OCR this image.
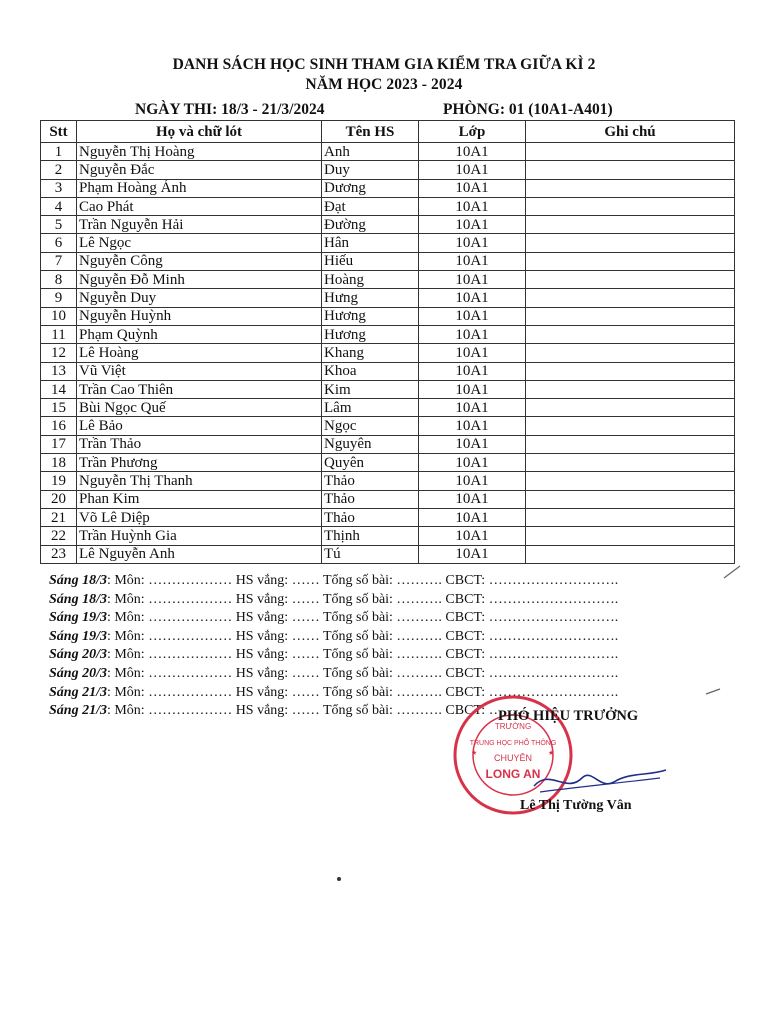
DANH SÁCH HỌC SINH THAM GIA KIỂM TRA GIỮA KÌ 2
NĂM HỌC 2023 - 2024
NGÀY THI: 18/3 - 21/3/2024	PHÒNG: 01 (10A1-A401)
Stt	Họ và chữ lót	Tên HS	Lớp	Ghi chú
1	Nguyễn Thị Hoàng	Anh	10A1	
2	Nguyễn Đắc	Duy	10A1	
3	Phạm Hoàng Ánh	Dương	10A1	
4	Cao Phát	Đạt	10A1	
5	Trần Nguyễn Hải	Đường	10A1	
6	Lê Ngọc	Hân	10A1	
7	Nguyễn Công	Hiếu	10A1	
8	Nguyễn Đỗ Minh	Hoàng	10A1	
9	Nguyễn Duy	Hưng	10A1	
10	Nguyễn Huỳnh	Hương	10A1	
11	Phạm Quỳnh	Hương	10A1	
12	Lê Hoàng	Khang	10A1	
13	Vũ Việt	Khoa	10A1	
14	Trần Cao Thiên	Kim	10A1	
15	Bùi Ngọc Quế	Lâm	10A1	
16	Lê Bảo	Ngọc	10A1	
17	Trần Thảo	Nguyên	10A1	
18	Trần Phương	Quyên	10A1	
19	Nguyễn Thị Thanh	Thảo	10A1	
20	Phan Kim	Thảo	10A1	
21	Võ Lê Diệp	Thảo	10A1	
22	Trần Huỳnh Gia	Thịnh	10A1	
23	Lê Nguyễn Anh	Tú	10A1	
Sáng 18/3: Môn: ……………… HS vắng: …… Tổng số bài: ………. CBCT: ……………………….
Sáng 18/3: Môn: ……………… HS vắng: …… Tổng số bài: ………. CBCT: ……………………….
Sáng 19/3: Môn: ……………… HS vắng: …… Tổng số bài: ………. CBCT: ……………………….
Sáng 19/3: Môn: ……………… HS vắng: …… Tổng số bài: ………. CBCT: ……………………….
Sáng 20/3: Môn: ……………… HS vắng: …… Tổng số bài: ………. CBCT: ……………………….
Sáng 20/3: Môn: ……………… HS vắng: …… Tổng số bài: ………. CBCT: ……………………….
Sáng 21/3: Môn: ……………… HS vắng: …… Tổng số bài: ………. CBCT: ……………………….
Sáng 21/3: Môn: ……………… HS vắng: …… Tổng số bài: ………. CBCT: ………
TRƯỜNG
TRUNG HỌC PHỔ THÔNG
CHUYÊN
LONG AN
★	★
PHÓ HIỆU TRƯỞNG
Lê Thị Tường Vân
